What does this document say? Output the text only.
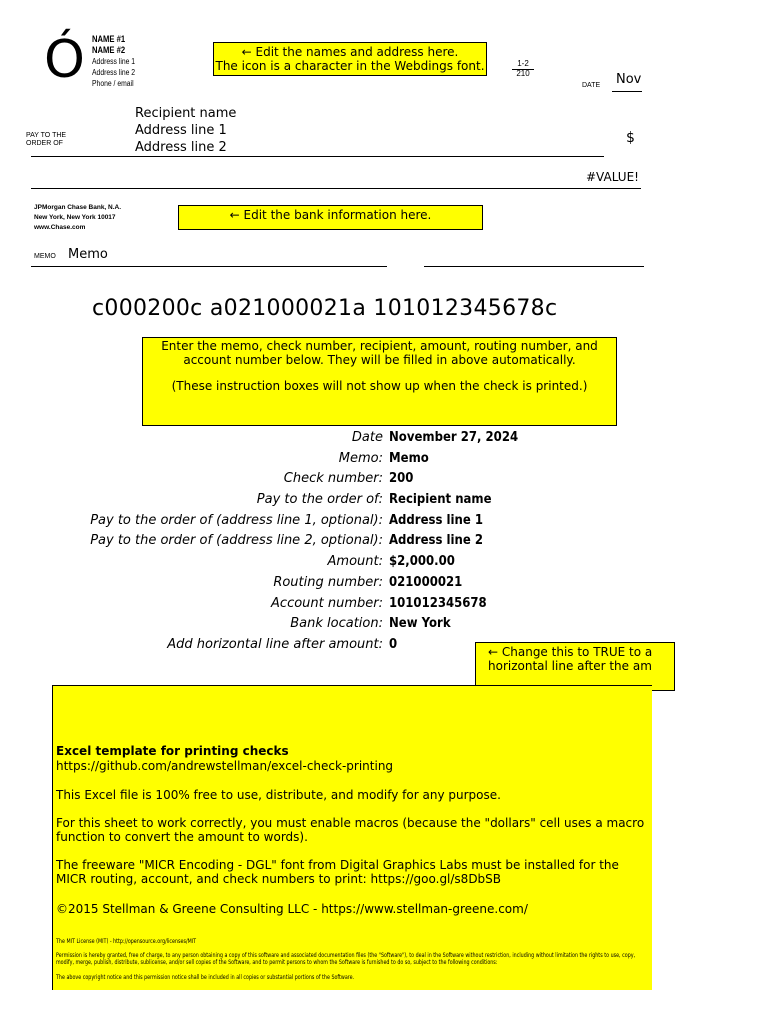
Ó NAME #1
NAME #2
Address line 1
Address line 2
Phone / email
← Edit the names and address here.
The icon is a character in the Webdings font.	1-2
210
DATE Nov
PAY TO THE
ORDER OF
Recipient name
Address line 1
Address line 2
$
#VALUE!
JPMorgan Chase Bank, N.A.
New York, New York 10017
www.Chase.com
← Edit the bank information here.
MEMO Memo
c000200c a021000021a 101012345678c
Enter the memo, check number, recipient, amount, routing number, and account number below. They will be filled in above automatically.
(These instruction boxes will not show up when the check is printed.)
Date November 27, 2024
Memo: Memo
Check number: 200
Pay to the order of: Recipient name
Pay to the order of (address line 1, optional): Address line 1
Pay to the order of (address line 2, optional): Address line 2
Amount: $2,000.00
Routing number: 021000021
Account number: 101012345678
Bank location: New York
Add horizontal line after amount: 0	← Change this to TRUE to a
horizontal line after the am

Excel template for printing checks

https://github.com/andrewstellman/excel-check-printing

This Excel file is 100% free to use, distribute, and modify for any purpose.

For this sheet to work correctly, you must enable macros (because the "dollars" cell uses a macro function to convert the amount to words).

The freeware "MICR Encoding - DGL" font from Digital Graphics Labs must be installed for the MICR routing, account, and check numbers to print: https://goo.gl/s8DbSB

©2015 Stellman & Greene Consulting LLC - https://www.stellman-greene.com/

The MIT License (MIT) - http://opensource.org/licenses/MIT

Permission is hereby granted, free of charge, to any person obtaining a copy of this software and associated documentation files (the "Software"), to deal in the Software without restriction, including without limitation the rights to use, copy, modify, merge, publish, distribute, sublicense, and/or sell copies of the Software, and to permit persons to whom the Software is furnished to do so, subject to the following conditions:

The above copyright notice and this permission notice shall be included in all copies or substantial portions of the Software.
